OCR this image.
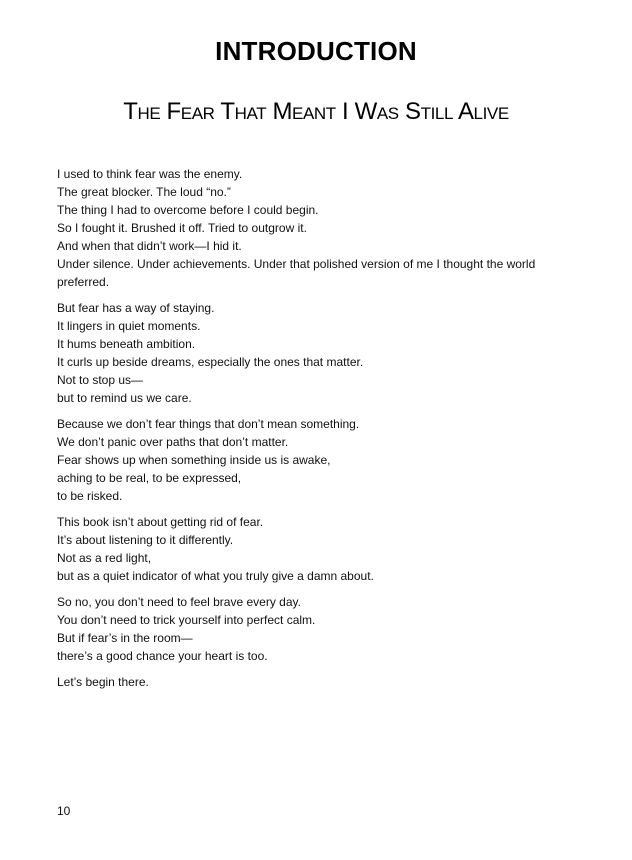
INTRODUCTION
The Fear That Meant I Was Still Alive

I used to think fear was the enemy.
The great blocker. The loud “no.”
The thing I had to overcome before I could begin.
So I fought it. Brushed it off. Tried to outgrow it.
And when that didn’t work—I hid it.
Under silence. Under achievements. Under that polished version of me I thought the world preferred.

But fear has a way of staying.
It lingers in quiet moments.
It hums beneath ambition.
It curls up beside dreams, especially the ones that matter.
Not to stop us—
but to remind us we care.

Because we don’t fear things that don’t mean something.
We don’t panic over paths that don’t matter.
Fear shows up when something inside us is awake,
aching to be real, to be expressed,
to be risked.

This book isn’t about getting rid of fear.
It’s about listening to it differently.
Not as a red light,
but as a quiet indicator of what you truly give a damn about.

So no, you don’t need to feel brave every day.
You don’t need to trick yourself into perfect calm.
But if fear’s in the room—
there’s a good chance your heart is too.

Let’s begin there.

10
